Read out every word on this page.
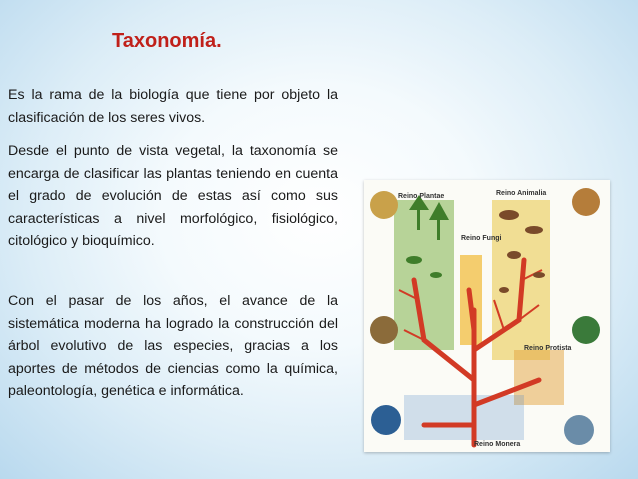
Taxonomía.

Es la rama de la biología que tiene por objeto la clasificación de los seres vivos.

Desde el punto de vista vegetal, la taxonomía se encarga de clasificar las plantas teniendo en cuenta el grado de evolución de estas así como sus características a nivel morfológico, fisiológico, citológico y bioquímico.

Con el pasar de los años, el avance de la sistemática moderna ha logrado la construcción del árbol evolutivo de las especies, gracias a los aportes de métodos de ciencias como la química, paleontología, genética e informática.

Reino Plantae	Reino Animalia
Reino Fungi
Reino Protista
Reino Monera
